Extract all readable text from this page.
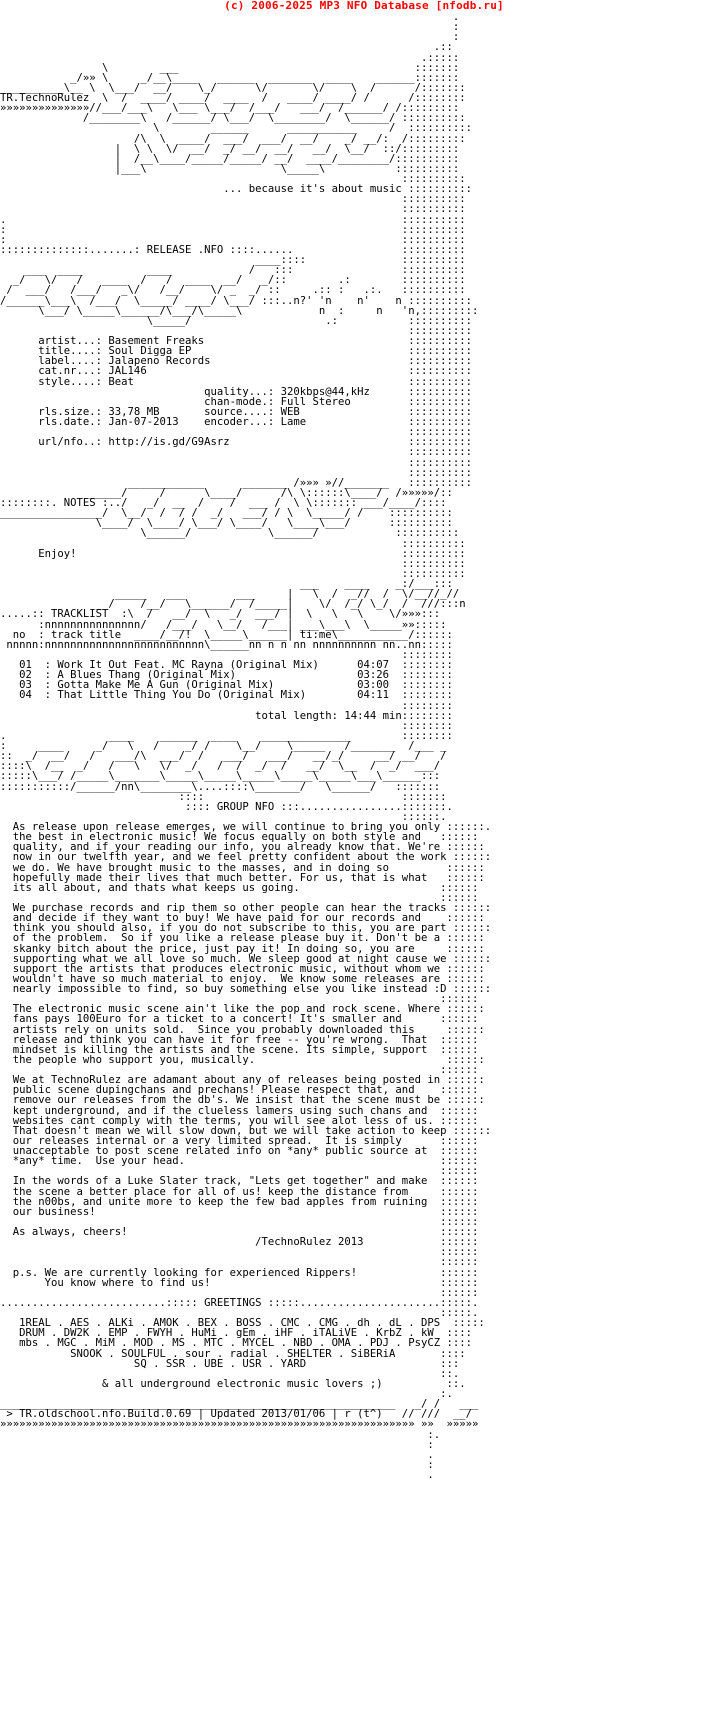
(c) 2006-2025 MP3 NFO Database [nfodb.ru]
.
:
:
.::
.:::::
\        ___                                     :::::::
_/»» \     _/__\____   ______  _______  ____    ______:::::::
__________\__ \  \___/  __/    \_/      \/       \/    \  /      /:::::::
TR.TechnoRulez  \  /  ____/ ____/  ____  /   ____/ ____/ /      /::::::::
»»»»»»»»»»»»»»//___/___\   \___ \___/  /___/   ___/  /______/ /:::::::::
/________\   /______/ \___/  \________/  \______/ ::::::::::
\        ______      ___________     /  ::::::::::
/\  \  ____/  ___/  ___/  __/    _/ __/:  /:::::::::
|  \ \  \/  __/  _/ __/  __/   __/  \__/  ::/:::::::::
|  /__\____/_____/_____/ __/  ____/________/::::::::::
|___\                     \_____\           ::::::::::
::::::::::
... because it's about music ::::::::::
::::::::::
::::::::::
.                                                              ::::::::::
:                                                              ::::::::::
:                                                              ::::::::::
::::::::::::::.......: RELEASE .NFO ::::......                 ::::::::::
____::::               ::::::::::
___  ____          ____            /   :::                 ::::::::::
_/   \/   /   ____  /   /  ____  __/   _/::        .:        ::::::::::
/  ___/   /___/   _\/   /__/    \/ _  _/ ::     .:: :   .:.   ::::::::::
/______\___\  /___/  \_____/ ____/ \___/ :::..n?' 'n    n'    n ::::::::::
\___/ \_____\______/\___/\_____\            n  :     n   'n,:::::::::
\_____/                     .:           ::::::::::
::::::::::
artist...: Basement Freaks                                ::::::::::
title....: Soul Digga EP                                  ::::::::::
label....: Jalapeno Records                               ::::::::::
cat.nr...: JAL146                                         ::::::::::
style....: Beat                                           ::::::::::
quality...: 320kbps@44,kHz      ::::::::::
chan-mode.: Full Stereo         ::::::::::
rls.size.: 33,78 MB       source....: WEB                 ::::::::::
rls.date.: Jan-07-2013    encoder...: Lame                ::::::::::
::::::::::
url/nfo..: http://is.gd/G9Asrz                            ::::::::::
::::::::::
::::::::::
::::::::::
____________      _______ /»»» »//_______   ::::::::::
_____/     /      \____/      /\ \::::::\____/  /»»»»»/::
::::::::. NOTES :../   _/  __  /    /  ___ /  \ \::::::: ___/____/::::
________________/  \__/  /  / /  _/   ___/ / \  \_____/ /    ::::::::::
\____/  \____/ \___/ \____/   \____\___/      ::::::::::
\______/            \______/            ::::::::::
::::::::::
Enjoy!                                                   ::::::::::
::::::::::
::::::::::
___    ____    _:/___:::
_____   ___        ___     |   \  /  _//  /  \/__//_//
__/    /__/   \______/  /_____|    \/  /_/ \_/  /  ///:::n
.....:: TRACKLIST  :\  /   __/  \   _/  ___/ |  \   \   \    \/»»»:::
:nnnnnnnnnnnnnnn/   /___/   \__/   /___| ___\___\  \_____»»:::::
no  : track title  ____/__/!  \_____\______| ti:me\___________/::::::
nnnnn:nnnnnnnnnnnnnnnnnnnnnnnnn\______nn n n nn nnnnnnnnnn nn..nn:::::
::::::::
01  : Work It Out Feat. MC Rayna (Original Mix)      04:07  ::::::::
02  : A Blues Thang (Original Mix)                   03:26  ::::::::
03  : Gotta Make Me A Gun (Original Mix)             03:00  ::::::::
04  : That Little Thing You Do (Original Mix)        04:11  ::::::::
::::::::
total length: 14:44 min::::::::
::::::::
.                ____    ______  ____    ______________        ::::::::
:     ____     _/   \   /    _/ /    \__/    \_____   /_______  /___ _
::  _/  __/   /   ___/\  ___/  /   ___/   ___/   __/_/     __/ __/   /
::::\  /__  _/   /   \   \/  _/   /  /  _/  /   __/  \__  /  _/  ___/
:::::\___/ /_____\_______\_____\_____\_____\_____\_____\___\______:::
:::::::::::/______/nn\________\....::::\_______/   \______/   :::::::
::::                               :::::::
:::: GROUP NFO :::................:::::::.
::::::.
As release upon release emerges, we will continue to bring you only ::::::.
the best in electronic music! We focus equally on both style and   ::::::
quality, and if your reading our info, you already know that. We're ::::::
now in our twelfth year, and we feel pretty confident about the work ::::::
we do. We have brought music to the masses, and in doing so         ::::::
hopefully made their lives that much better. For us, that is what   ::::::
its all about, and thats what keeps us going.                      ::::::
::::::
We purchase records and rip them so other people can hear the tracks ::::::
and decide if they want to buy! We have paid for our records and    ::::::
think you should also, if you do not subscribe to this, you are part ::::::
of the problem.  So if you like a release please buy it. Don't be a ::::::
skanky bitch about the price, just pay it! In doing so, you are     ::::::
supporting what we all love so much. We sleep good at night cause we ::::::
support the artists that produces electronic music, without whom we ::::::
wouldn't have so much material to enjoy.  We know some releases are ::::::
nearly impossible to find, so buy something else you like instead :D ::::::
::::::
The electronic music scene ain't like the pop and rock scene. Where ::::::
fans pays 100Euro for a ticket to a concert! It's smaller and      ::::::
artists rely on units sold.  Since you probably downloaded this     ::::::
release and think you can have it for free -- you're wrong.  That  ::::::
mindset is killing the artists and the scene. Its simple, support  ::::::
the people who support you, musically.                              ::::::
::::::
We at TechnoRulez are adamant about any of releases being posted in ::::::
public scene dupingchans and prechans! Please respect that, and    ::::::
remove our releases from the db's. We insist that the scene must be ::::::
kept underground, and if the clueless lamers using such chans and  ::::::
websites cant comply with the terms, you will see alot less of us. ::::::
That doesn't mean we will slow down, but we will take action to keep ::::::
our releases internal or a very limited spread.  It is simply      ::::::
unacceptable to post scene related info on *any* public source at  ::::::
*any* time.  Use your head.                                        ::::::
::::::
In the words of a Luke Slater track, "Lets get together" and make  ::::::
the scene a better place for all of us! keep the distance from     ::::::
the n00bs, and unite more to keep the few bad apples from ruining  ::::::
our business!                                                      ::::::
::::::
As always, cheers!                                                 ::::::
/TechnoRulez 2013            ::::::
::::::
::::::
p.s. We are currently looking for experienced Rippers!             ::::::
You know where to find us!                                    ::::::
::::::
..........................::::: GREETINGS :::::......................:::::.
:::::.
1REAL . AES . ALKi . AMOK . BEX . BOSS . CMC . CMG . dh . dL . DPS  :::::
DRUM . DW2K . EMP . FWYH . HuMi . gEm . iHF . iTALiVE . KrbZ . kW  ::::
mbs . MGC . MiM . MOD . MS . MTC . MYCEL . NBD . OMA . PDJ . PsyCZ ::::
SNOOK . SOULFUL . sour . radial . SHELTER . SiBERiA       ::::
SQ . SSR . UBE . USR . YARD                     :::
::.
& all underground electronic music lovers ;)          ::.
:.
______________________________________________________________   _/ /   ___
> TR.oldschool.nfo.Build.0.69 | Updated 2013/01/06 | r (t^)   // ///  __/
»»»»»»»»»»»»»»»»»»»»»»»»»»»»»»»»»»»»»»»»»»»»»»»»»»»»»»»»»»»»»»»»» »»  »»»»»
:.
:
.
:
.
